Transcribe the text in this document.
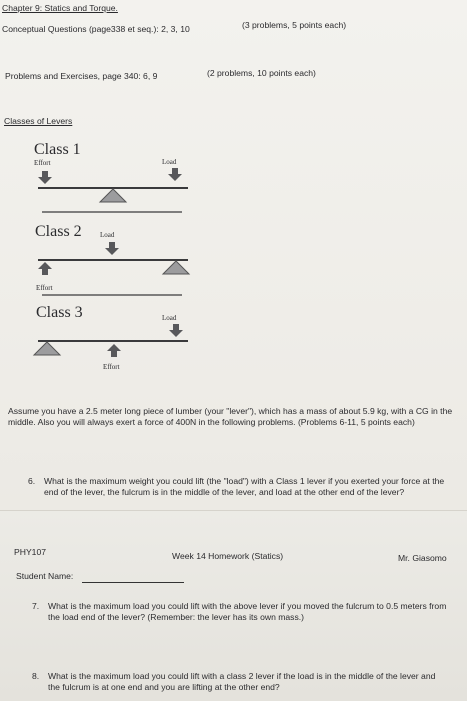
Chapter 9: Statics and Torque.
Conceptual Questions (page338 et seq.): 2, 3, 10	(3 problems, 5 points each)
Problems and Exercises, page 340: 6, 9	(2 problems, 10 points each)
Classes of Levers
Class 1
Effort	Load
Class 2	Load
Effort
Class 3	Load
Effort
Assume you have a 2.5 meter long piece of lumber (your "lever"), which has a mass of about 5.9 kg, with a CG in the middle. Also you will always exert a force of 400N in the following problems. (Problems 6-11, 5 points each)
6. What is the maximum weight you could lift (the "load") with a Class 1 lever if you exerted your force at the end of the lever, the fulcrum is in the middle of the lever, and load at the other end of the lever?
PHY107	Week 14 Homework (Statics)	Mr. Giasomo
Student Name:
7. What is the maximum load you could lift with the above lever if you moved the fulcrum to 0.5 meters from the load end of the lever? (Remember: the lever has its own mass.)
8. What is the maximum load you could lift with a class 2 lever if the load is in the middle of the lever and the fulcrum is at one end and you are lifting at the other end?
